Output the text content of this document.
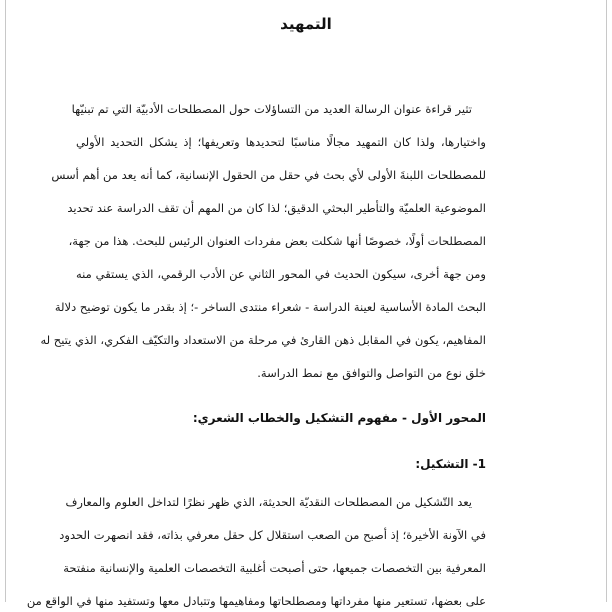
التمهيد
تثير قراءة عنوان الرسالة العديد من التساؤلات حول المصطلحات الأدبيّة التي تم تبنيّها
واختيارها، ولذا كان التمهيد مجالًا مناسبًا لتحديدها وتعريفها؛ إذ يشكل التحديد الأولي
للمصطلحات اللبنةَ الأولى لأي بحث في حقل من الحقول الإنسانية، كما أنه يعد من أهم أسس
الموضوعية العلميّة والتأطير البحثي الدقيق؛ لذا كان من المهم أن تقف الدراسة عند تحديد
المصطلحات أولًا، خصوصًا أنها شكلت بعض مفردات العنوان الرئيس للبحث. هذا من جهة،
ومن جهة أخرى، سيكون الحديث في المحور الثاني عن الأدب الرقمي، الذي يستقي منه
البحث المادة الأساسية لعينة الدراسة - شعراء منتدى الساخر -؛ إذ بقدر ما يكون توضيح دلالة
المفاهيم، يكون في المقابل ذهن القارئ في مرحلة من الاستعداد والتكيّف الفكري، الذي يتيح له
خلق نوع من التواصل والتوافق مع نمط الدراسة.
المحور الأول - مفهوم التشكيل والخطاب الشعري:
1- التشكيل:
يعد التّشكيل من المصطلحات النقديّة الحديثة، الذي ظهر نظرًا لتداخل العلوم والمعارف
في الآونة الأخيرة؛ إذ أصبح من الصعب استقلال كل حقل معرفي بذاته، فقد انصهرت الحدود
المعرفية بين التخصصات جميعها، حتى أصبحت أغلبية التخصصات العلمية والإنسانية منفتحة
على بعضها، تستعير منها مفرداتها ومصطلحاتها ومفاهيمها وتتبادل معها وتستفيد منها في الواقع من
